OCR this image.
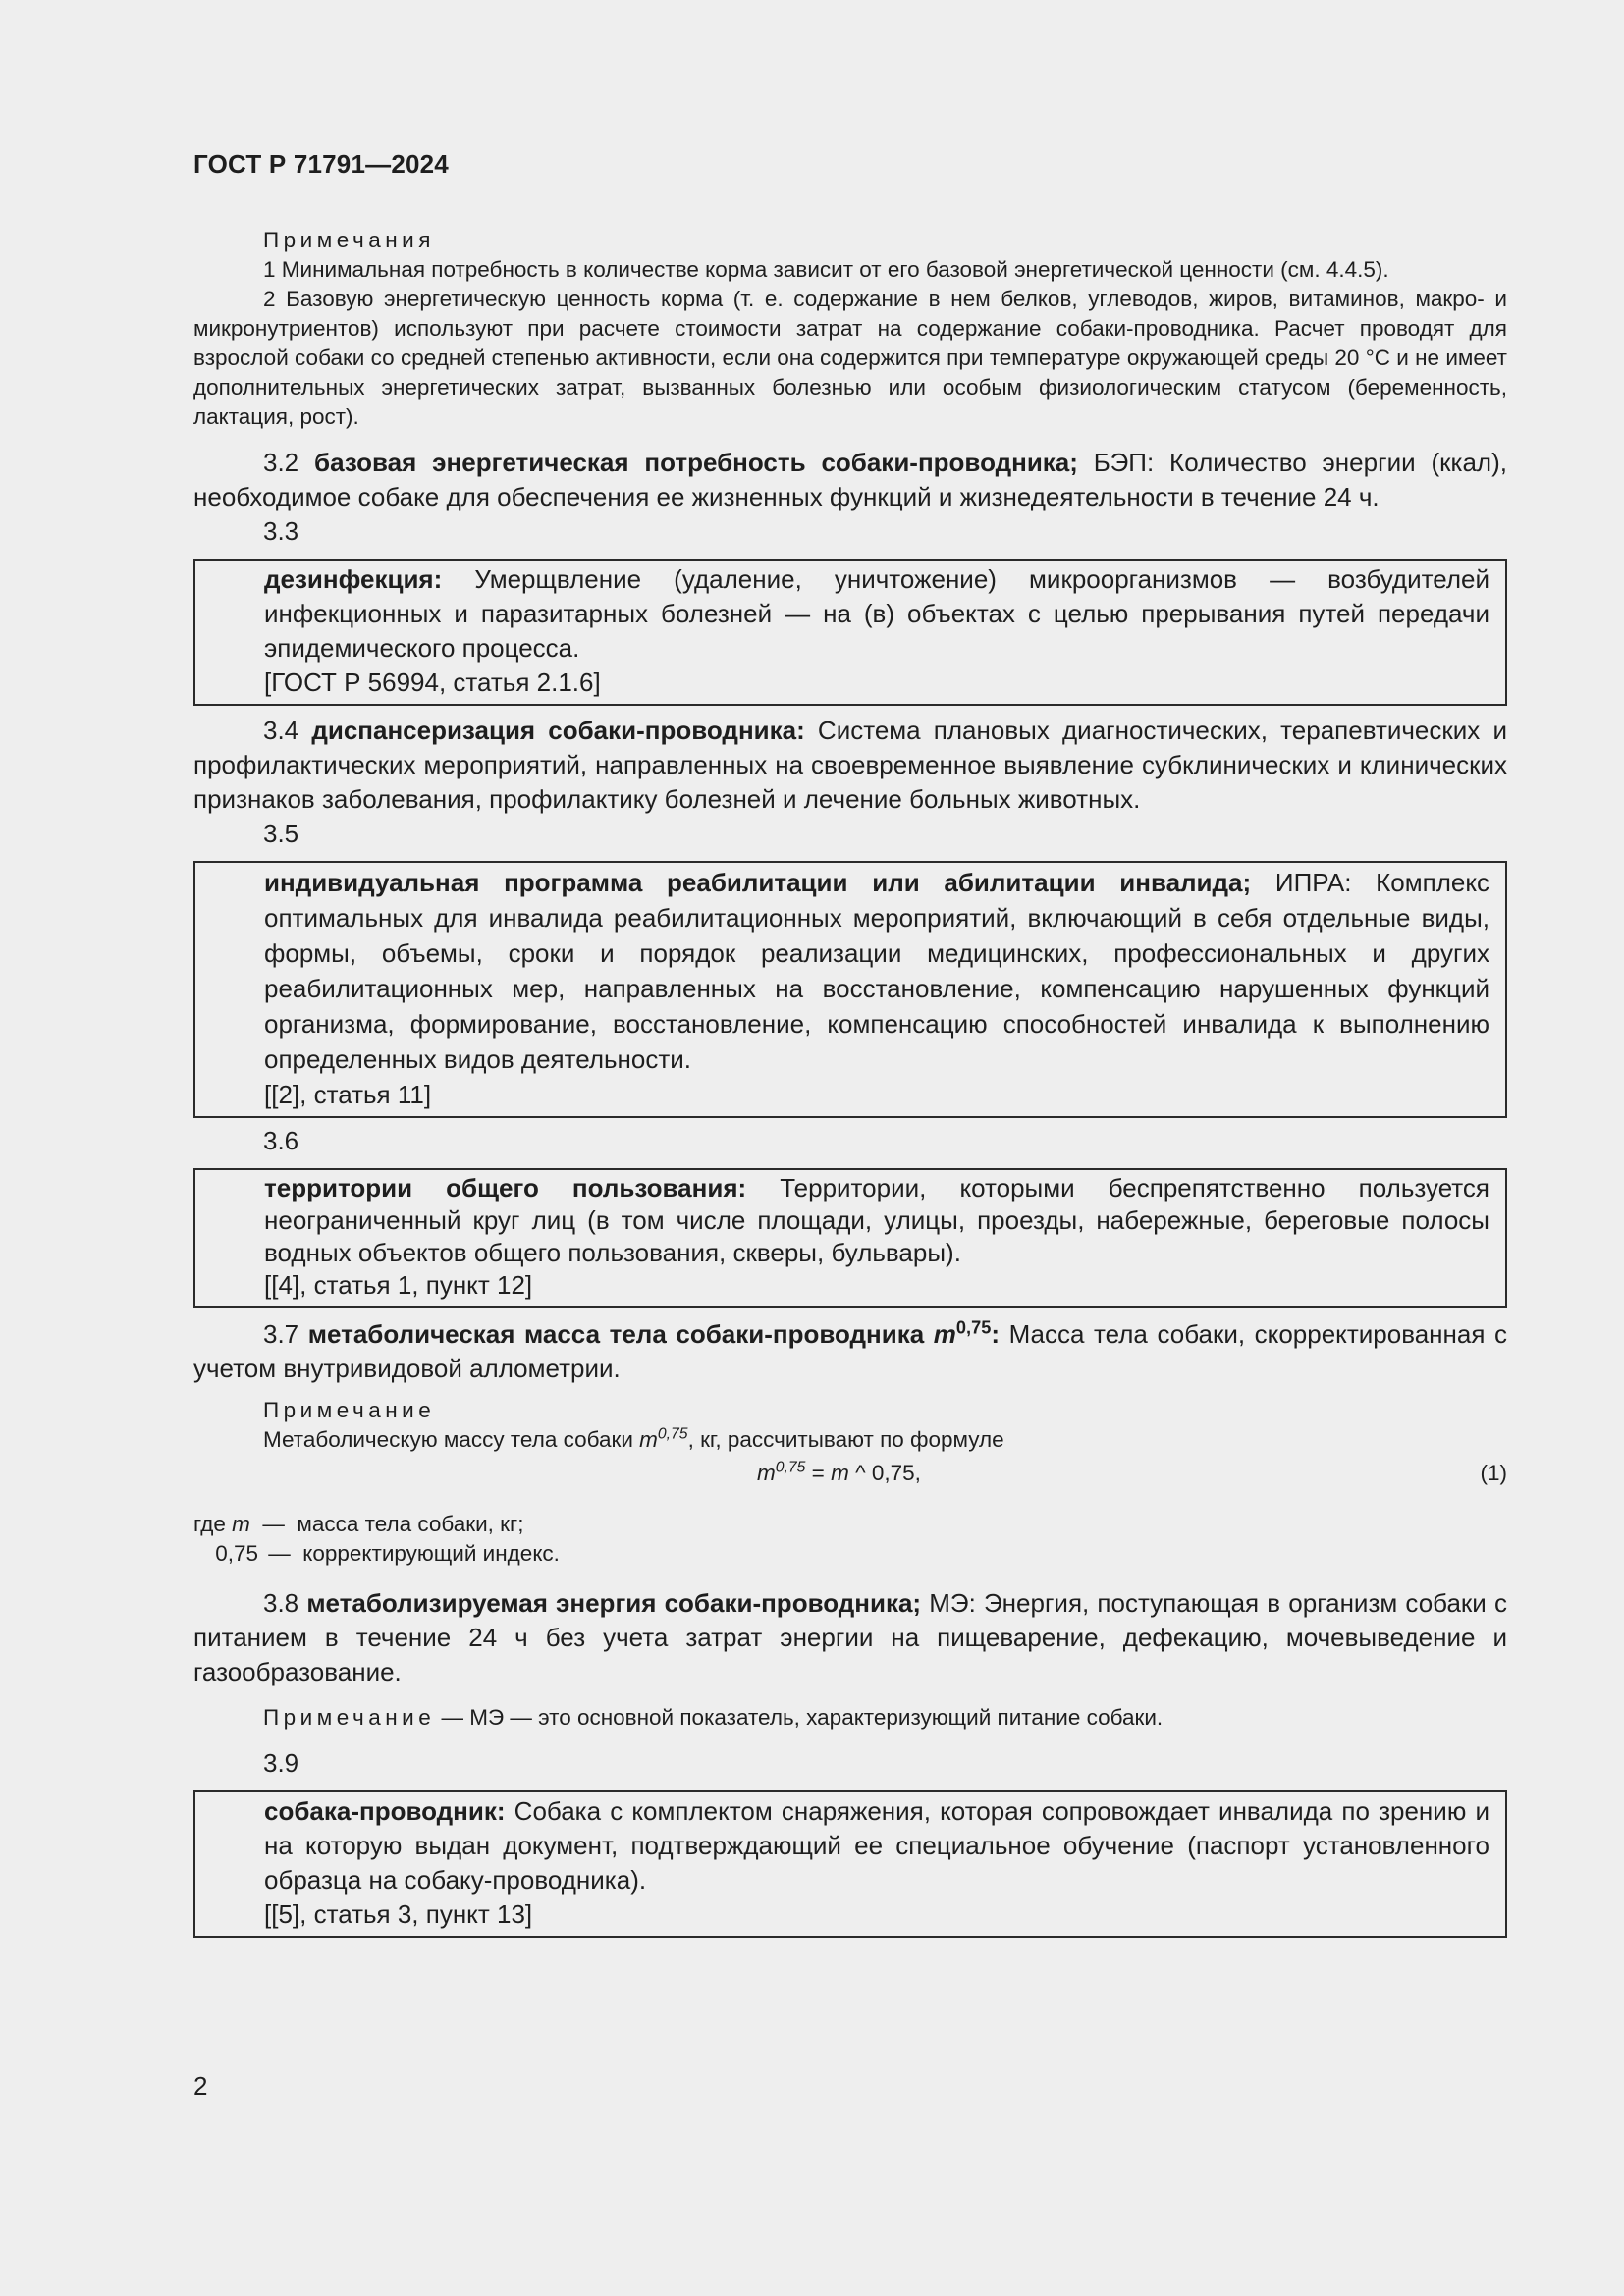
ГОСТ Р 71791—2024

Примечания

1 Минимальная потребность в количестве корма зависит от его базовой энергетической ценности (см. 4.4.5).

2 Базовую энергетическую ценность корма (т. е. содержание в нем белков, углеводов, жиров, витаминов, макро- и микронутриентов) используют при расчете стоимости затрат на содержание собаки-проводника. Расчет проводят для взрослой собаки со средней степенью активности, если она содержится при температуре окружающей среды 20 °С и не имеет дополнительных энергетических затрат, вызванных болезнью или особым физиологическим статусом (беременность, лактация, рост).

3.2 базовая энергетическая потребность собаки-проводника; БЭП: Количество энергии (ккал), необходимое собаке для обеспечения ее жизненных функций и жизнедеятельности в течение 24 ч.

3.3

дезинфекция: Умерщвление (удаление, уничтожение) микроорганизмов — возбудителей инфекционных и паразитарных болезней — на (в) объектах с целью прерывания путей передачи эпидемического процесса.

[ГОСТ Р 56994, статья 2.1.6]

3.4 диспансеризация собаки-проводника: Система плановых диагностических, терапевтических и профилактических мероприятий, направленных на своевременное выявление субклинических и клинических признаков заболевания, профилактику болезней и лечение больных животных.

3.5

индивидуальная программа реабилитации или абилитации инвалида; ИПРА: Комплекс оптимальных для инвалида реабилитационных мероприятий, включающий в себя отдельные виды, формы, объемы, сроки и порядок реализации медицинских, профессиональных и других реабилитационных мер, направленных на восстановление, компенсацию нарушенных функций организма, формирование, восстановление, компенсацию способностей инвалида к выполнению определенных видов деятельности.

[[2], статья 11]

3.6

территории общего пользования: Территории, которыми беспрепятственно пользуется неограниченный круг лиц (в том числе площади, улицы, проезды, набережные, береговые полосы водных объектов общего пользования, скверы, бульвары).

[[4], статья 1, пункт 12]

3.7 метаболическая масса тела собаки-проводника $m^{0,75}$: Масса тела собаки, скорректированная с учетом внутривидовой аллометрии.

Примечание

Метаболическую массу тела собаки $m^{0,75}$, кг, рассчитывают по формуле

$m^{0,75} = m$ ^ 0,75,	(1)
где
m
—
масса тела собаки, кг;
0,75
—
корректирующий индекс.

3.8 метаболизируемая энергия собаки-проводника; МЭ: Энергия, поступающая в организм собаки с питанием в течение 24 ч без учета затрат энергии на пищеварение, дефекацию, мочевыведение и газообразование.

Примечание — МЭ — это основной показатель, характеризующий питание собаки.

3.9

собака-проводник: Собака с комплектом снаряжения, которая сопровождает инвалида по зрению и на которую выдан документ, подтверждающий ее специальное обучение (паспорт установленного образца на собаку-проводника).

[[5], статья 3, пункт 13]

2
